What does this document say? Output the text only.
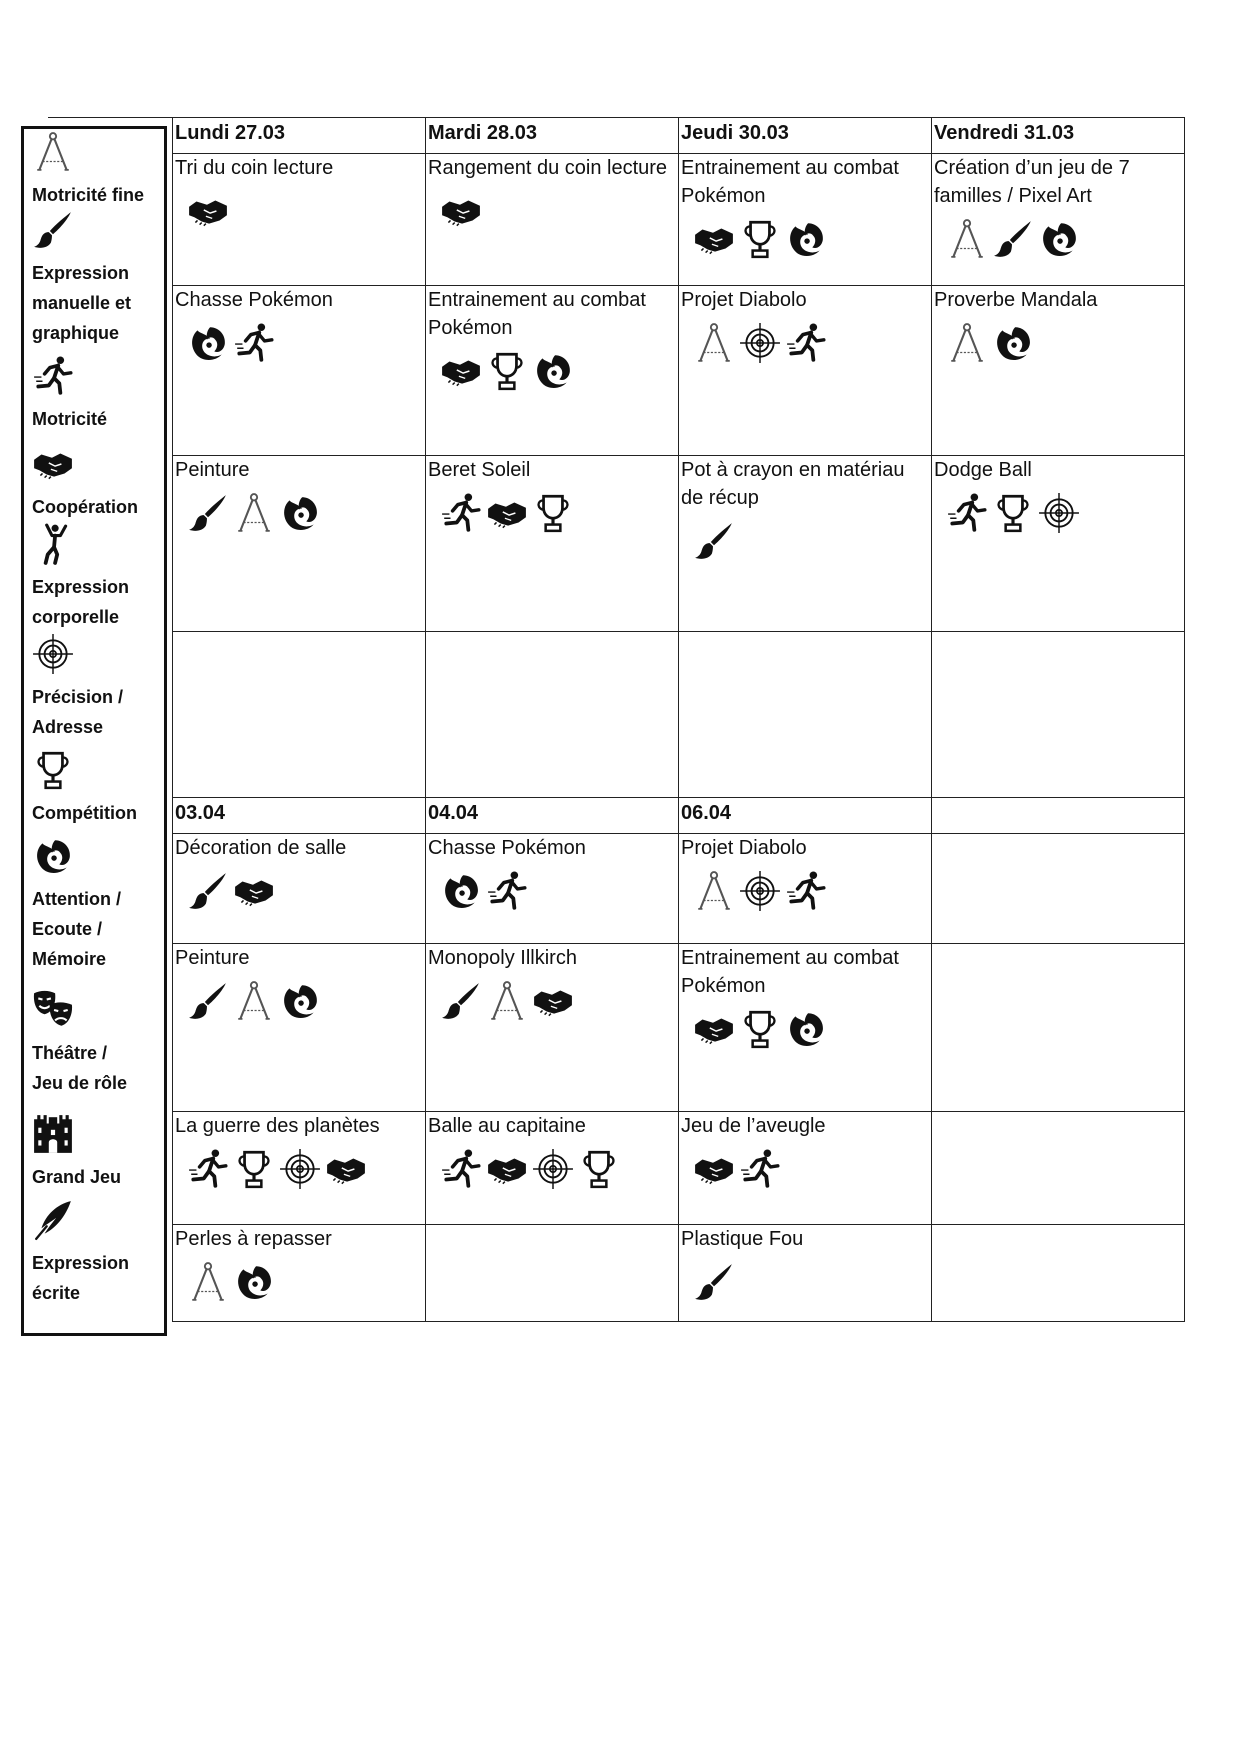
Motricité fine
Expression
manuelle et
graphique
Motricité
Coopération
Expression
corporelle
Précision /
Adresse
Compétition
Attention /
Ecoute /
Mémoire
Théâtre /
Jeu de rôle
Grand Jeu
Expression
écrite
Lundi 27.03	Mardi 28.03	Jeudi 30.03	Vendredi 31.03

Tri du coin lecture	Rangement du coin lecture	Entrainement au combat Pokémon	Création d’un jeu de 7 familles / Pixel Art

Chasse Pokémon	Entrainement au combat Pokémon	Projet Diabolo	Proverbe Mandala

Peinture	Beret Soleil	Pot à crayon en matériau de récup	Dodge Ball

03.04	04.04	06.04	

Décoration de salle	Chasse Pokémon	Projet Diabolo	

Peinture	Monopoly Illkirch	Entrainement au combat Pokémon	

La guerre des planètes	Balle au capitaine	Jeu de l’aveugle	

Perles à repasser		Plastique Fou	
